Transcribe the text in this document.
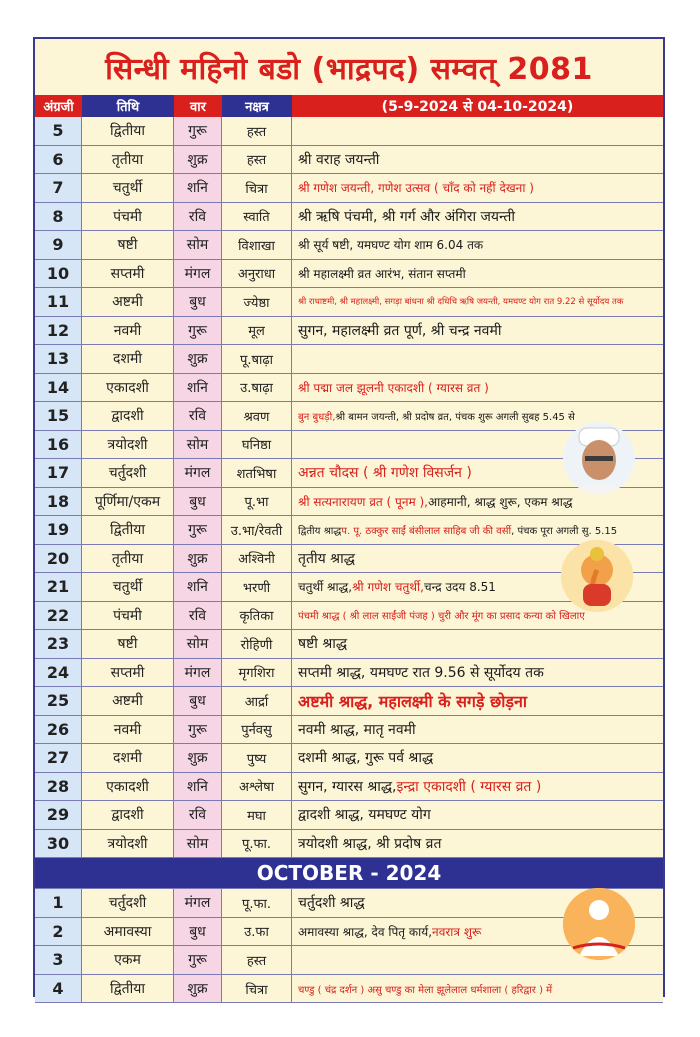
सिन्धी महिनो बडो (भाद्रपद) सम्वत् 2081
अंग्रजी	तिथि	वार	नक्षत्र	(5-9-2024 से 04-10-2024)
5	द्वितीया	गुरू	हस्त
6	तृतीया	शुक्र	हस्त	श्री वराह जयन्ती
7	चतुर्थी	शनि	चित्रा	श्री गणेश जयन्ती, गणेश उत्सव ( चाँद को नहीं देखना )
8	पंचमी	रवि	स्वाति	श्री ऋषि पंचमी, श्री गर्ग और अंगिरा जयन्ती
9	षष्टी	सोम	विशाखा	श्री सूर्य षष्टी, यमघण्ट योग शाम 6.04 तक
10	सप्तमी	मंगल	अनुराधा	श्री महालक्ष्मी व्रत आरंभ, संतान सप्तमी
11	अष्टमी	बुध	ज्येष्ठा	श्री राधाष्टमी, श्री महालक्ष्मी, सगड़ा बांधना श्री दधिचि ऋषि जयन्ती, यमघण्ट योग रात 9.22 से सूर्योदय तक
12	नवमी	गुरू	मूल	सुगन, महालक्ष्मी व्रत पूर्ण, श्री चन्द्र नवमी
13	दशमी	शुक्र	पू.षाढ़ा
14	एकादशी	शनि	उ.षाढ़ा	श्री पद्मा जल झूलनी एकादशी ( ग्यारस व्रत )
15	द्वादशी	रवि	श्रवण	बुन बुधड़ी, श्री बामन जयन्ती, श्री प्रदोष व्रत, पंचक शुरू अगली सुबह 5.45 से
16	त्रयोदशी	सोम	घनिष्ठा
17	चर्तुदशी	मंगल	शतभिषा	अन्नत चौदस ( श्री गणेश विसर्जन )
18	पूर्णिमा/एकम	बुध	पू.भा	श्री सत्यनारायण व्रत ( पूनम ), आहमानी, श्राद्ध शुरू, एकम श्राद्ध
19	द्वितीया	गुरू	उ.भा/रेवती	द्वितीय श्राद्ध प. पू. ठक्कुर साईं बंसीलाल साहिब जी की वर्सी , पंचक पूरा अगली सु. 5.15
20	तृतीया	शुक्र	अश्विनी	तृतीय श्राद्ध
21	चतुर्थी	शनि	भरणी	चतुर्थी श्राद्ध, श्री गणेश चतुर्थी, चन्द्र उदय 8.51
22	पंचमी	रवि	कृतिका	पंचमी श्राद्ध ( श्री लाल साईंजी पंजह ) चुरी और मूंग का प्रसाद कन्या को खिलाए
23	षष्टी	सोम	रोहिणी	षष्टी श्राद्ध
24	सप्तमी	मंगल	मृगशिरा	सप्तमी श्राद्ध, यमघण्ट रात 9.56 से सूर्योदय तक
25	अष्टमी	बुध	आर्द्रा	अष्टमी श्राद्ध, महालक्ष्मी के सगड़े छोड़ना
26	नवमी	गुरू	पुर्नवसु	नवमी श्राद्ध, मातृ नवमी
27	दशमी	शुक्र	पुष्य	दशमी श्राद्ध, गुरू पर्व श्राद्ध
28	एकादशी	शनि	अश्लेषा	सुगन, ग्यारस श्राद्ध, इन्द्रा एकादशी ( ग्यारस व्रत )
29	द्वादशी	रवि	मघा	द्वादशी श्राद्ध, यमघण्ट योग
30	त्रयोदशी	सोम	पू.फा.	त्रयोदशी श्राद्ध, श्री प्रदोष व्रत
OCTOBER - 2024
1	चर्तुदशी	मंगल	पू.फा.	चर्तुदशी श्राद्ध
2	अमावस्या	बुध	उ.फा	अमावस्या श्राद्ध, देव पितृ कार्य, नवरात्र शुरू
3	एकम	गुरू	हस्त
4	द्वितीया	शुक्र	चित्रा	चण्डु ( चंद्र दर्शन ) असु चण्डु का मेला झूलेलाल धर्मशाला ( हरिद्वार ) में
